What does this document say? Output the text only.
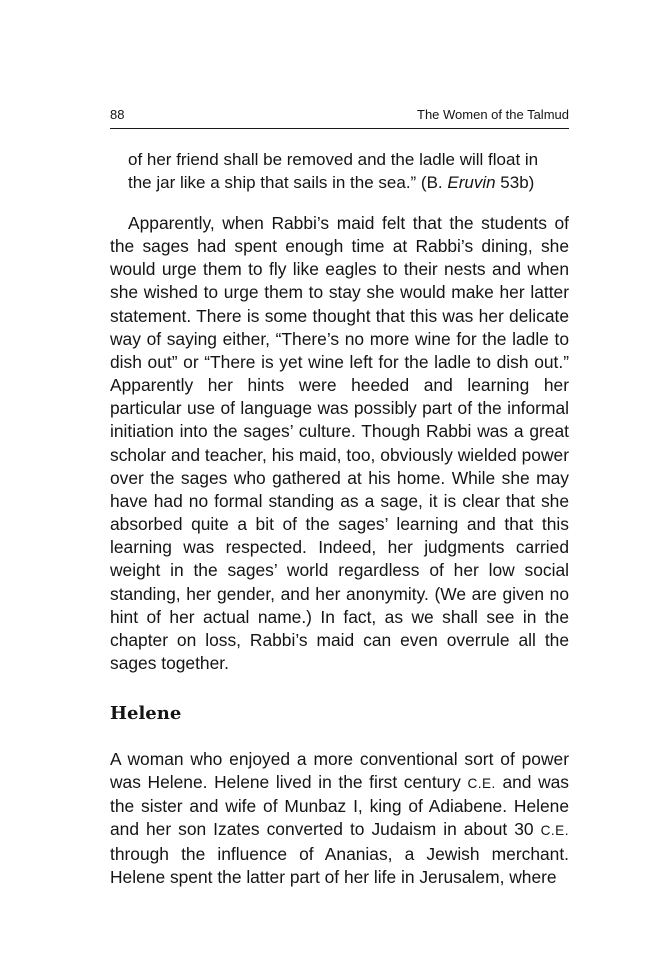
88	The Women of the Talmud
of her friend shall be removed and the ladle will float in
the jar like a ship that sails in the sea.” (B. Eruvin 53b)

Apparently, when Rabbi’s maid felt that the students of the sages had spent enough time at Rabbi’s dining, she would urge them to fly like eagles to their nests and when she wished to urge them to stay she would make her latter statement. There is some thought that this was her delicate way of saying either, “There’s no more wine for the ladle to dish out” or “There is yet wine left for the ladle to dish out.” Apparently her hints were heeded and learning her particular use of language was possibly part of the informal initiation into the sages’ culture. Though Rabbi was a great scholar and teacher, his maid, too, obviously wielded power over the sages who gathered at his home. While she may have had no formal standing as a sage, it is clear that she absorbed quite a bit of the sages’ learning and that this learning was respected. Indeed, her judgments carried weight in the sages’ world regardless of her low social standing, her gender, and her anonymity. (We are given no hint of her actual name.) In fact, as we shall see in the chapter on loss, Rabbi’s maid can even overrule all the sages together.

Helene

A woman who enjoyed a more conventional sort of power was Helene. Helene lived in the first century C.E. and was the sister and wife of Munbaz I, king of Adiabene. Helene and her son Izates converted to Judaism in about 30 C.E. through the influence of Ananias, a Jewish merchant. Helene spent the latter part of her life in Jerusalem, where
